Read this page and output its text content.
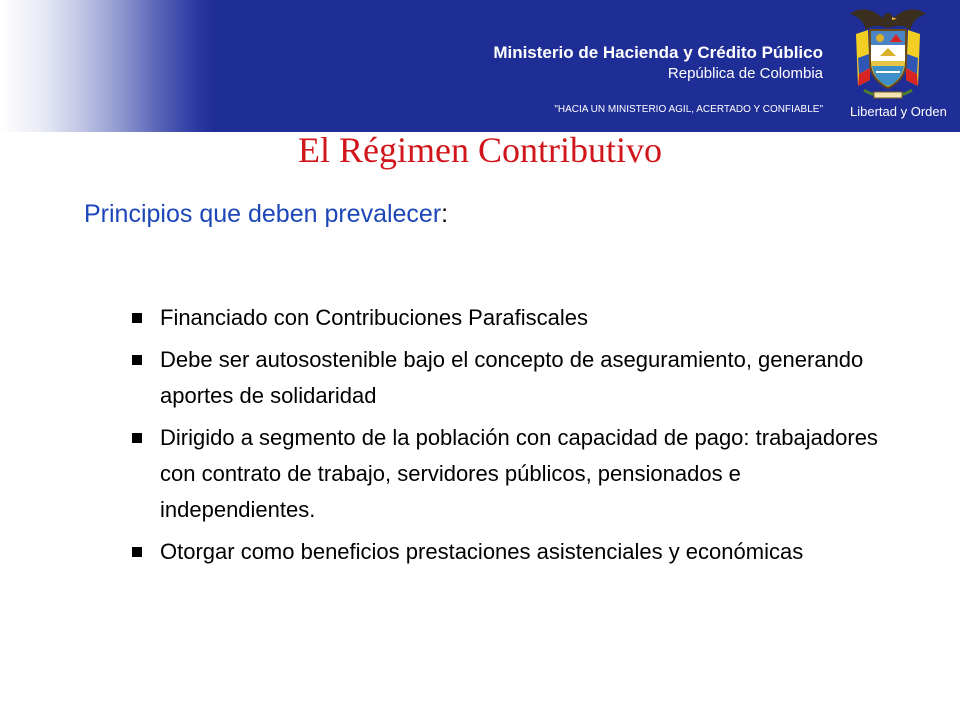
Ministerio de Hacienda y Crédito Público
República de Colombia
"HACIA UN MINISTERIO AGIL, ACERTADO Y CONFIABLE" Libertad y Orden
El Régimen Contributivo
Principios que deben prevalecer:
Financiado con Contribuciones Parafiscales
Debe ser autosostenible bajo el concepto de aseguramiento, generando aportes de solidaridad
Dirigido a segmento de la población con capacidad de pago: trabajadores con contrato de trabajo, servidores públicos, pensionados e independientes.
Otorgar como beneficios prestaciones asistenciales y económicas
